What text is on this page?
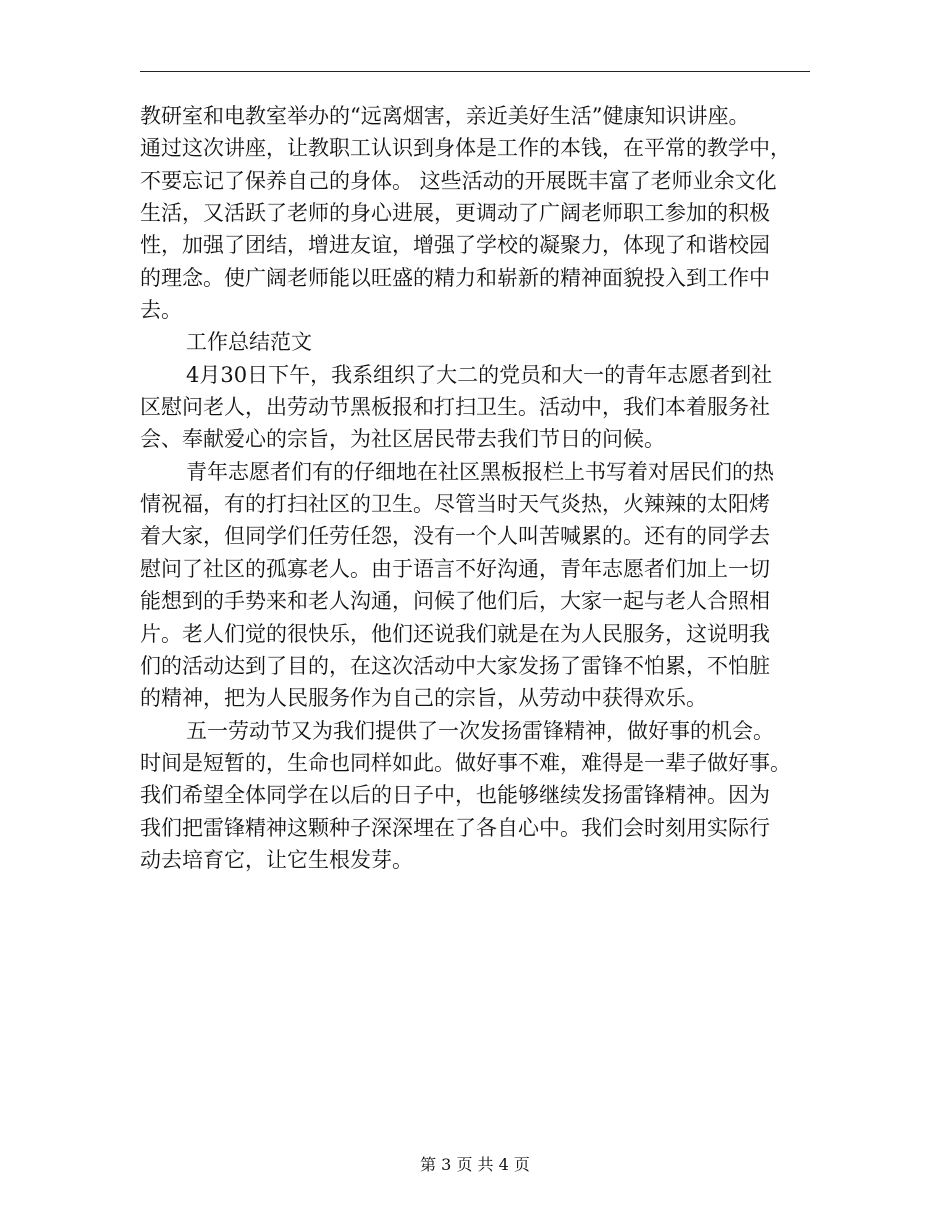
教研室和电教室举办的“远离烟害，亲近美好生活”健康知识讲座。
通过这次讲座，让教职工认识到身体是工作的本钱，在平常的教学中，
不要忘记了保养自己的身体。 这些活动的开展既丰富了老师业余文化
生活，又活跃了老师的身心进展，更调动了广阔老师职工参加的积极
性，加强了团结，增进友谊，增强了学校的凝聚力，体现了和谐校园
的理念。使广阔老师能以旺盛的精力和崭新的精神面貌投入到工作中
去。
工作总结范文
4月30日下午，我系组织了大二的党员和大一的青年志愿者到社
区慰问老人，出劳动节黑板报和打扫卫生。活动中，我们本着服务社
会、奉献爱心的宗旨，为社区居民带去我们节日的问候。
青年志愿者们有的仔细地在社区黑板报栏上书写着对居民们的热
情祝福，有的打扫社区的卫生。尽管当时天气炎热，火辣辣的太阳烤
着大家，但同学们任劳任怨，没有一个人叫苦喊累的。还有的同学去
慰问了社区的孤寡老人。由于语言不好沟通，青年志愿者们加上一切
能想到的手势来和老人沟通，问候了他们后，大家一起与老人合照相
片。老人们觉的很快乐，他们还说我们就是在为人民服务，这说明我
们的活动达到了目的，在这次活动中大家发扬了雷锋不怕累，不怕脏
的精神，把为人民服务作为自己的宗旨，从劳动中获得欢乐。
五一劳动节又为我们提供了一次发扬雷锋精神，做好事的机会。
时间是短暂的，生命也同样如此。做好事不难，难得是一辈子做好事。
我们希望全体同学在以后的日子中，也能够继续发扬雷锋精神。因为
我们把雷锋精神这颗种子深深埋在了各自心中。我们会时刻用实际行
动去培育它，让它生根发芽。
第 3 页 共 4 页
